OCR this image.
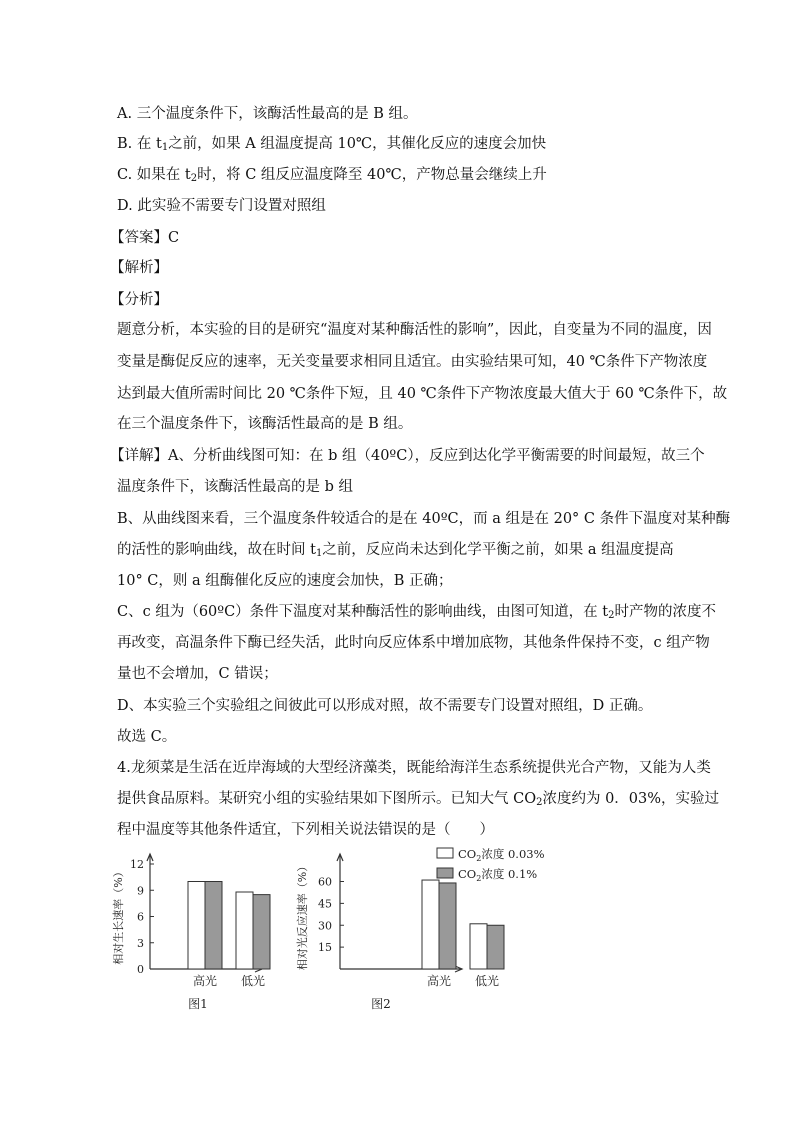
A. 三个温度条件下，该酶活性最高的是 B 组。
B. 在 $t_1$之前，如果 A 组温度提高 10℃，其催化反应的速度会加快
C. 如果在 $t_2$时，将 C 组反应温度降至 40℃，产物总量会继续上升
D. 此实验不需要专门设置对照组
【答案】C
【解析】
【分析】
题意分析，本实验的目的是研究“温度对某种酶活性的影响”，因此，自变量为不同的温度，因
变量是酶促反应的速率，无关变量要求相同且适宜。由实验结果可知，40 ℃条件下产物浓度
达到最大值所需时间比 20 ℃条件下短，且 40 ℃条件下产物浓度最大值大于 60 ℃条件下，故
在三个温度条件下，该酶活性最高的是 B 组。
【详解】A、分析曲线图可知：在 b 组（40ºC），反应到达化学平衡需要的时间最短，故三个
温度条件下，该酶活性最高的是 b 组
B、从曲线图来看，三个温度条件较适合的是在 40ºC，而 a 组是在 20° C 条件下温度对某种酶
的活性的影响曲线，故在时间 $t_1$之前，反应尚未达到化学平衡之前，如果 a 组温度提高
10° C，则 a 组酶催化反应的速度会加快，B 正确；
C、c 组为（60ºC）条件下温度对某种酶活性的影响曲线，由图可知道，在 $t_2$时产物的浓度不
再改变，高温条件下酶已经失活，此时向反应体系中增加底物，其他条件保持不变，c 组产物
量也不会增加，C 错误；
D、本实验三个实验组之间彼此可以形成对照，故不需要专门设置对照组，D 正确。
故选 C。
4.龙须菜是生活在近岸海域的大型经济藻类，既能给海洋生态系统提供光合产物，又能为人类
提供食品原料。某研究小组的实验结果如下图所示。已知大气 $CO_2$浓度约为 0．03%，实验过
程中温度等其他条件适宜，下列相关说法错误的是（　　）
0
3
6
9
12
相对生长速率（%）
高光 低光
图1
15
30
45
60
相对光反应速率（%）
高光 低光
图2
$CO_2$浓度 0.03%
$CO_2$浓度 0.1%
